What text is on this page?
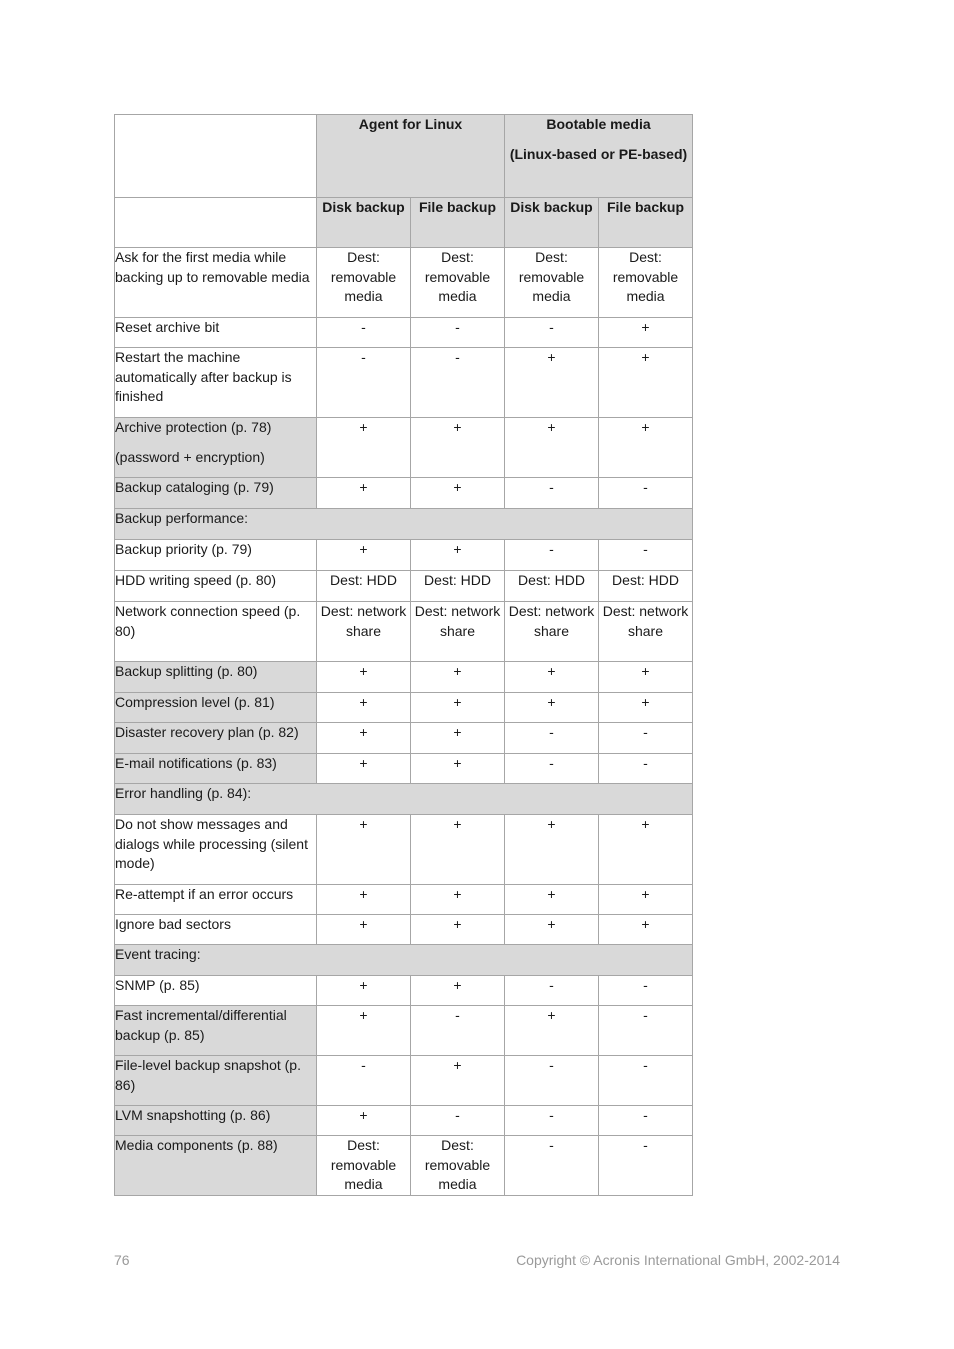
	Agent for Linux		Bootable media
(Linux-based or PE-based)	

	Disk backup	File backup	Disk backup	File backup

Ask for the first media while backing up to removable media	Dest: removable media	Dest: removable media	Dest: removable media	Dest: removable media

Reset archive bit	-	-	-	+

Restart the machine automatically after backup is finished	-	-	+	+

Archive protection (p. 78)
(password + encryption)	+	+	+	+

Backup cataloging (p. 79)	+	+	-	-
Backup performance:				

Backup priority (p. 79)	+	+	-	-

HDD writing speed (p. 80)	Dest: HDD	Dest: HDD	Dest: HDD	Dest: HDD

Network connection speed (p. 80)	Dest: network share	Dest: network share	Dest: network share	Dest: network share

Backup splitting (p. 80)	+	+	+	+

Compression level (p. 81)	+	+	+	+

Disaster recovery plan (p. 82)	+	+	-	-

E-mail notifications (p. 83)	+	+	-	-
Error handling (p. 84):				

Do not show messages and dialogs while processing (silent mode)	+	+	+	+

Re-attempt if an error occurs	+	+	+	+

Ignore bad sectors	+	+	+	+
Event tracing:				

SNMP (p. 85)	+	+	-	-

Fast incremental/differential backup (p. 85)	+	-	+	-

File-level backup snapshot (p. 86)	-	+	-	-

LVM snapshotting (p. 86)	+	-	-	-

Media components (p. 88)	Dest: removable media	Dest: removable media	-	-
76	Copyright © Acronis International GmbH, 2002-2014
